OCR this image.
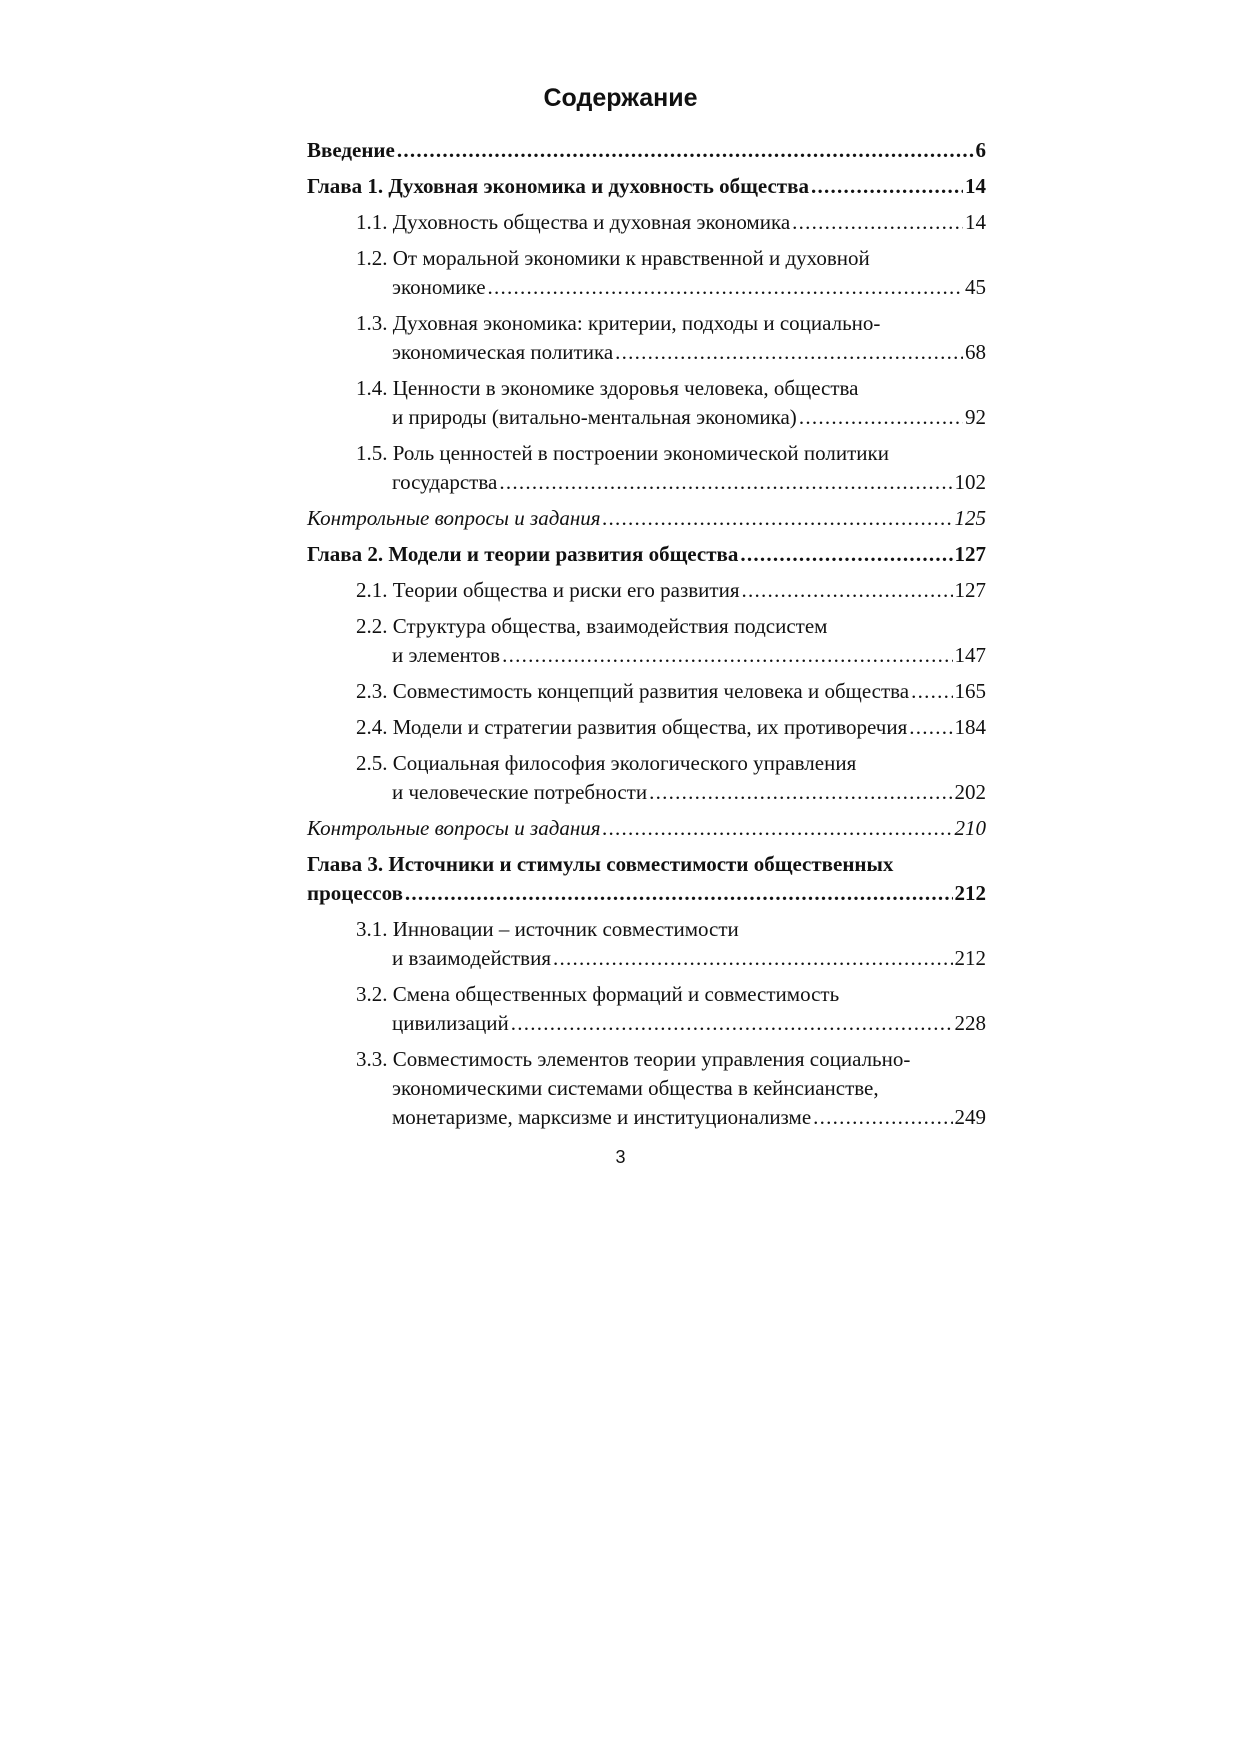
Содержание
Введение . . .	6
Глава 1. Духовная экономика и духовность общества . . .	14
1.1. Духовность общества и духовная экономика . . .	14
1.2. От моральной экономики к нравственной и духовной
экономике . . .	45
1.3. Духовная экономика: критерии, подходы и социально-
экономическая политика . . .	68
1.4. Ценности в экономике здоровья человека, общества
и природы (витально-ментальная экономика) . . .	92
1.5. Роль ценностей в построении экономической политики
государства . . .	102
Контрольные вопросы и задания . . .	125
Глава 2. Модели и теории развития общества . . .	127
2.1. Теории общества и риски его развития . . .	127
2.2. Структура общества, взаимодействия подсистем
и элементов . . .	147
2.3. Совместимость концепций развития человека и общества . . . 165
2.4. Модели и стратегии развития общества, их противоречия . . . 184
2.5. Социальная философия экологического управления
и человеческие потребности . . .	202
Контрольные вопросы и задания . . .	210
Глава 3. Источники и стимулы совместимости общественных
процессов . . .	212
3.1. Инновации – источник совместимости
и взаимодействия . . .	212
3.2. Смена общественных формаций и совместимость
цивилизаций . . .	228
3.3. Совместимость элементов теории управления социально-
экономическими системами общества в кейнсианстве,
монетаризме, марксизме и институционализме . . .	249
3
